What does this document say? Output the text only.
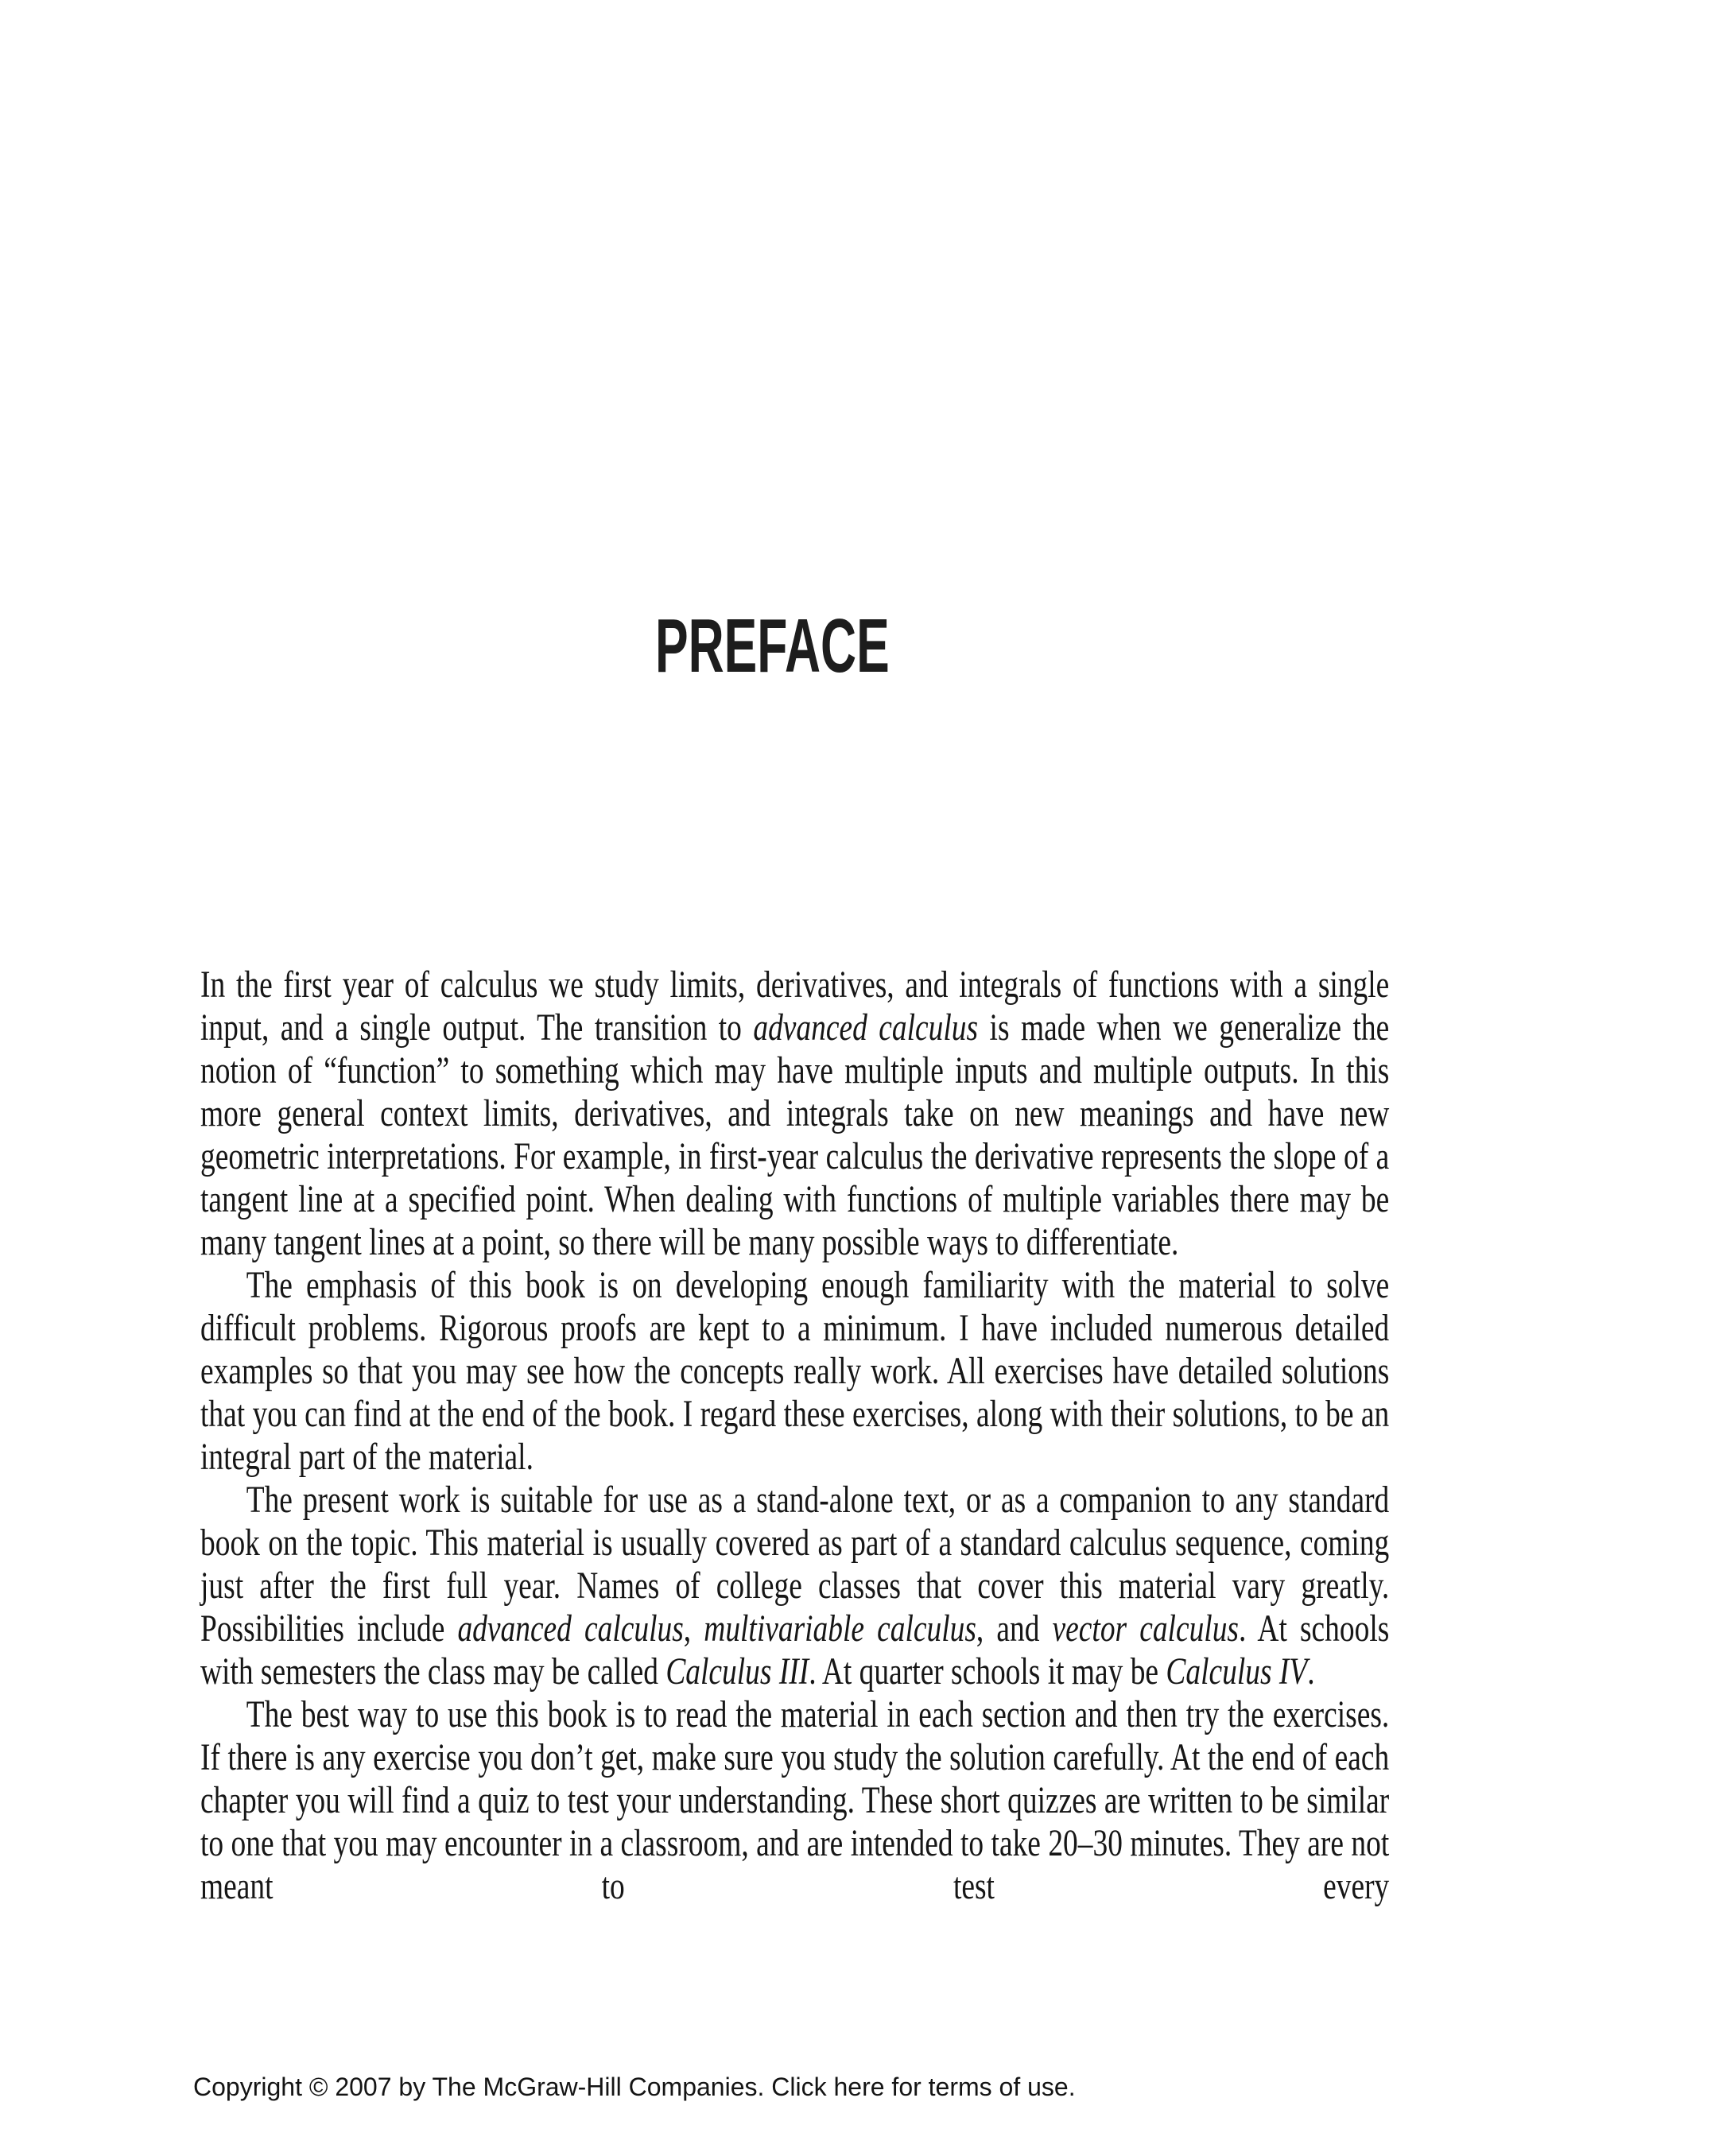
PREFACE

In the first year of calculus we study limits, derivatives, and integrals of functions with a single input, and a single output. The transition to advanced calculus is made when we generalize the notion of “function” to something which may have multiple inputs and multiple outputs. In this more general context limits, derivatives, and integrals take on new meanings and have new geometric interpretations. For example, in first-year calculus the derivative represents the slope of a tangent line at a specified point. When dealing with functions of multiple variables there may be many tangent lines at a point, so there will be many possible ways to differentiate.

The emphasis of this book is on developing enough familiarity with the material to solve difficult problems. Rigorous proofs are kept to a minimum. I have included numerous detailed examples so that you may see how the concepts really work. All exercises have detailed solutions that you can find at the end of the book. I regard these exercises, along with their solutions, to be an integral part of the material.

The present work is suitable for use as a stand-alone text, or as a companion to any standard book on the topic. This material is usually covered as part of a standard calculus sequence, coming just after the first full year. Names of college classes that cover this material vary greatly. Possibilities include advanced calculus, multivariable calculus, and vector calculus. At schools with semesters the class may be called Calculus III. At quarter schools it may be Calculus IV.

The best way to use this book is to read the material in each section and then try the exercises. If there is any exercise you don’t get, make sure you study the solution carefully. At the end of each chapter you will find a quiz to test your understanding. These short quizzes are written to be similar to one that you may encounter in a classroom, and are intended to take 20–30 minutes. They are not meant to test every

Copyright © 2007 by The McGraw-Hill Companies. Click here for terms of use.
